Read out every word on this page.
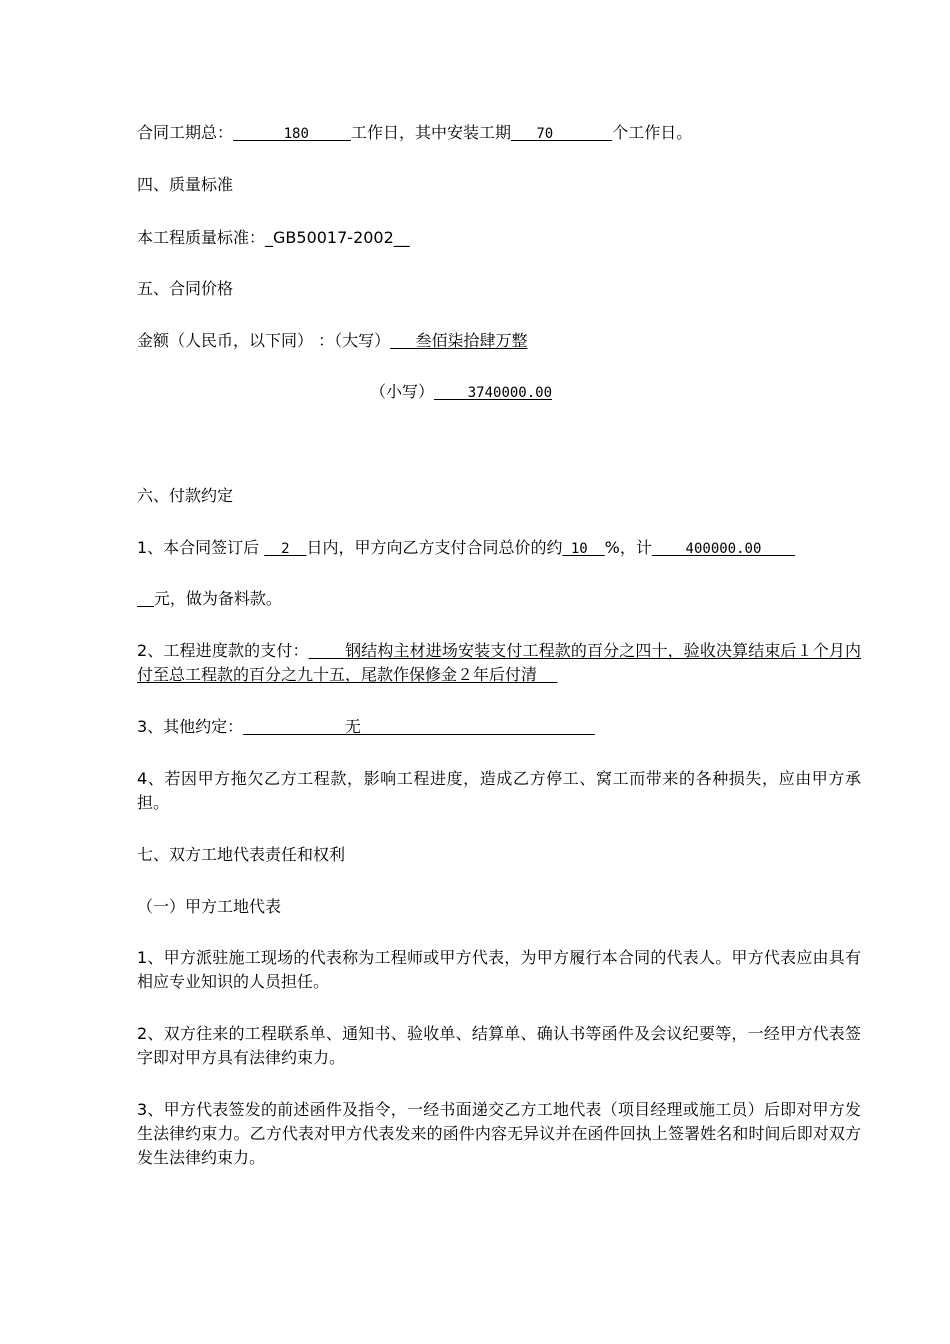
合同工期总：      180     工作日，其中安装工期   70       个工作日。
四、质量标准
本工程质量标准：_GB50017-2002__
五、合同价格
金额（人民币，以下同） ：（大写）     叁佰柒拾肆万整
（小写）    3740000.00
六、付款约定
1、本合同签订后   2  日内，甲方向乙方支付合同总价的约 10  %，计    400000.00
元，做为备料款。
2、工程进度款的支付：       钢结构主材进场安装支付工程款的百分之四十，验收决算结束后１个月内付至总工程款的百分之九十五，尾款作保修金２年后付清
3、其他约定：                    无
4、若因甲方拖欠乙方工程款，影响工程进度，造成乙方停工、窝工而带来的各种损失，应由甲方承担。
七、双方工地代表责任和权利
（一）甲方工地代表
1、甲方派驻施工现场的代表称为工程师或甲方代表，为甲方履行本合同的代表人。甲方代表应由具有相应专业知识的人员担任。
2、双方往来的工程联系单、通知书、验收单、结算单、确认书等函件及会议纪要等，一经甲方代表签字即对甲方具有法律约束力。
3、甲方代表签发的前述函件及指令，一经书面递交乙方工地代表（项目经理或施工员）后即对甲方发生法律约束力。乙方代表对甲方代表发来的函件内容无异议并在函件回执上签署姓名和时间后即对双方发生法律约束力。
